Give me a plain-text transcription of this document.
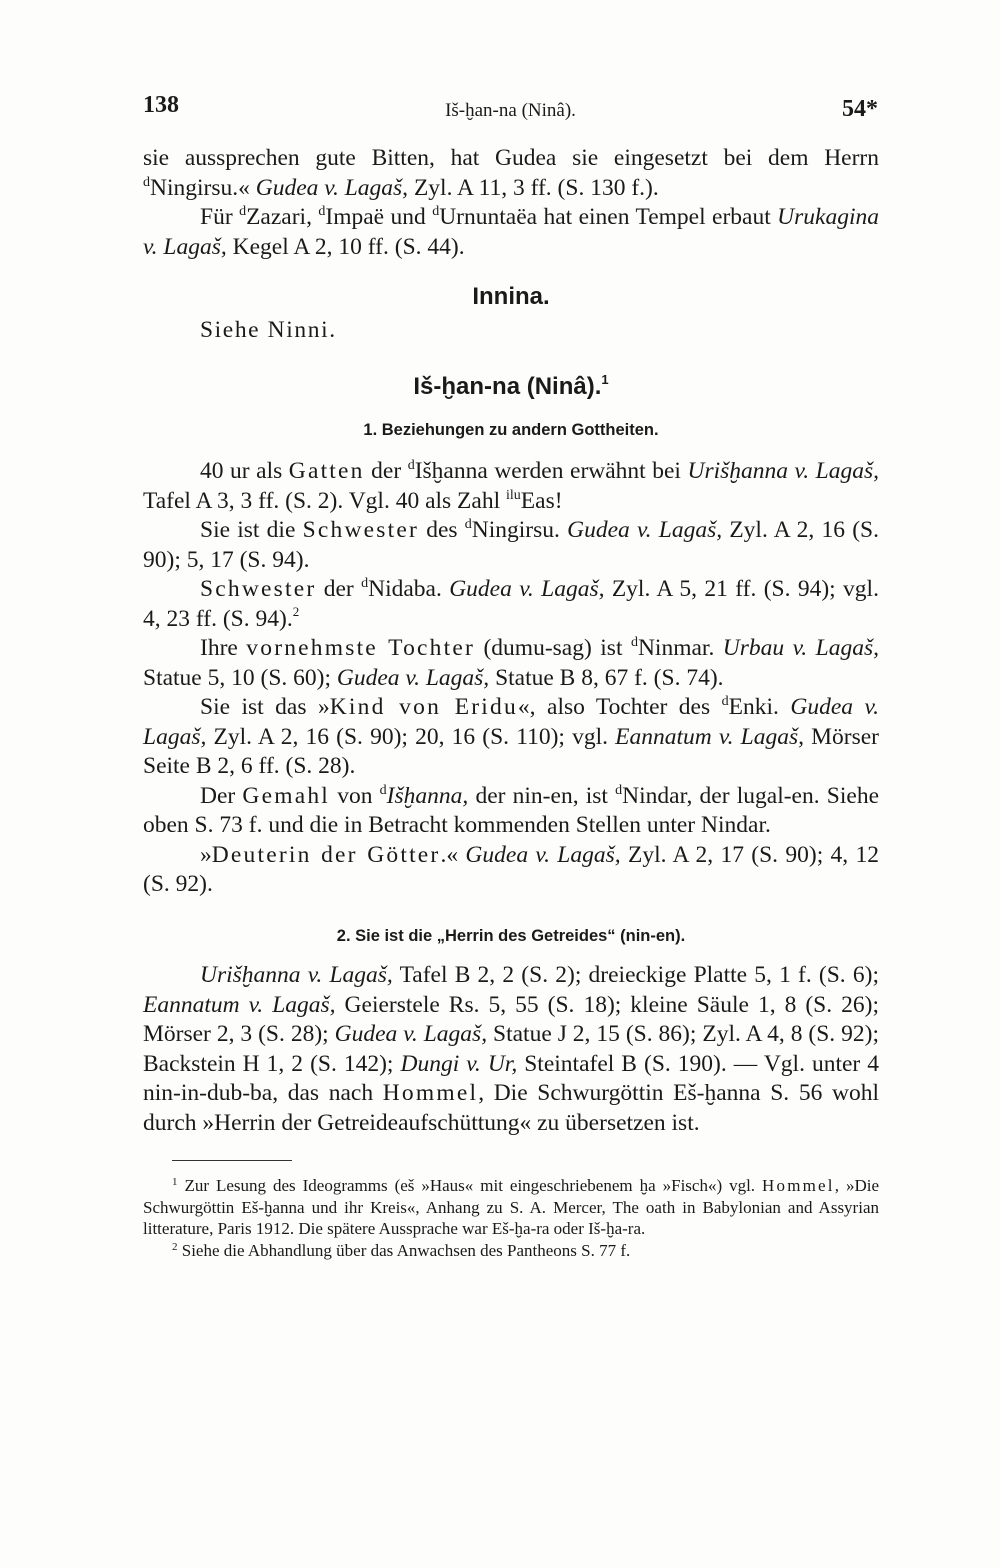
138	Iš-ḫan-na (Ninâ).	54*

sie aussprechen gute Bitten, hat Gudea sie eingesetzt bei dem Herrn $^d$Ningirsu.« Gudea v. Lagaš, Zyl. A 11, 3 ff. (S. 130 f.).

Für $^d$Zazari, $^d$Impaë und $^d$Urnuntaëa hat einen Tempel erbaut Urukagina v. Lagaš, Kegel A 2, 10 ff. (S. 44).

Innina.
Siehe Ninni.
Iš-ḫan-na (Ninâ).$^1$
1. Beziehungen zu andern Gottheiten.

40 ur als Gatten der $^d$Išḫanna werden erwähnt bei Urišḫanna v. Lagaš, Tafel A 3, 3 ff. (S. 2). Vgl. 40 als Zahl $^{ilu}$Eas!

Sie ist die Schwester des $^d$Ningirsu. Gudea v. Lagaš, Zyl. A 2, 16 (S. 90); 5, 17 (S. 94).

Schwester der $^d$Nidaba. Gudea v. Lagaš, Zyl. A 5, 21 ff. (S. 94); vgl. 4, 23 ff. (S. 94).$^2$

Ihre vornehmste Tochter (dumu-sag) ist $^d$Ninmar. Urbau v. Lagaš, Statue 5, 10 (S. 60); Gudea v. Lagaš, Statue B 8, 67 f. (S. 74).

Sie ist das »Kind von Eridu«, also Tochter des $^d$Enki. Gudea v. Lagaš, Zyl. A 2, 16 (S. 90); 20, 16 (S. 110); vgl. Eannatum v. Lagaš, Mörser Seite B 2, 6 ff. (S. 28).

Der Gemahl von $^d$Išḫanna, der nin-en, ist $^d$Nindar, der lugal-en. Siehe oben S. 73 f. und die in Betracht kommenden Stellen unter Nindar.

»Deuterin der Götter.« Gudea v. Lagaš, Zyl. A 2, 17 (S. 90); 4, 12 (S. 92).

2. Sie ist die „Herrin des Getreides“ (nin-en).

Urišḫanna v. Lagaš, Tafel B 2, 2 (S. 2); dreieckige Platte 5, 1 f. (S. 6); Eannatum v. Lagaš, Geierstele Rs. 5, 55 (S. 18); kleine Säule 1, 8 (S. 26); Mörser 2, 3 (S. 28); Gudea v. Lagaš, Statue J 2, 15 (S. 86); Zyl. A 4, 8 (S. 92); Backstein H 1, 2 (S. 142); Dungi v. Ur, Steintafel B (S. 190). — Vgl. unter 4 nin-in-dub-ba, das nach Hommel, Die Schwurgöttin Eš-ḫanna S. 56 wohl durch »Herrin der Getreideaufschüttung« zu übersetzen ist.

$^1$ Zur Lesung des Ideogramms (eš »Haus« mit eingeschriebenem ḫa »Fisch«) vgl. Hommel, »Die Schwurgöttin Eš-ḫanna und ihr Kreis«, Anhang zu S. A. Mercer, The oath in Babylonian and Assyrian litterature, Paris 1912. Die spätere Aussprache war Eš-ḫa-ra oder Iš-ḫa-ra.

$^2$ Siehe die Abhandlung über das Anwachsen des Pantheons S. 77 f.
